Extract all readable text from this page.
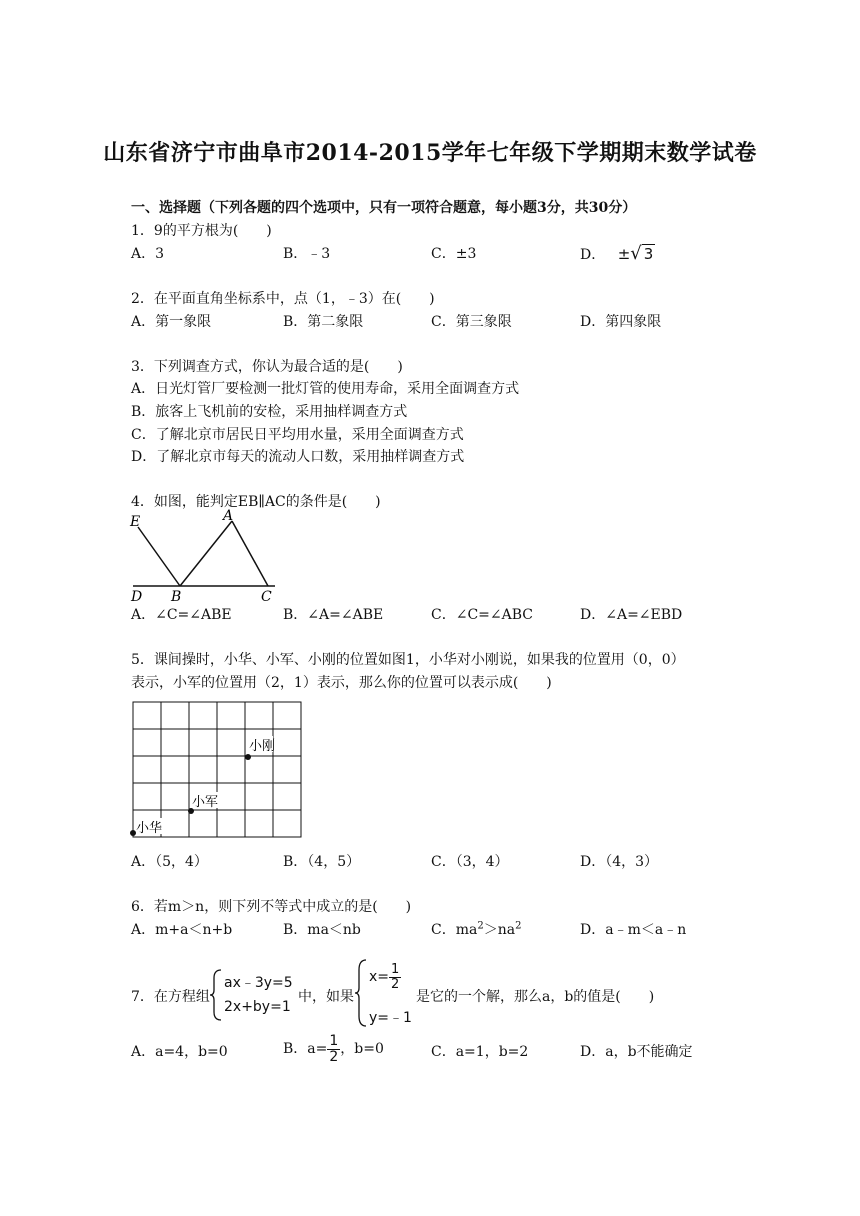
山东省济宁市曲阜市2014-2015学年七年级下学期期末数学试卷
一、选择题（下列各题的四个选项中，只有一项符合题意，每小题3分，共30分）
1．9的平方根为(　　)
A．3	B．﹣3	C．±3	D． ±√ 3
2．在平面直角坐标系中，点（1，﹣3）在(　　)
A．第一象限	B．第二象限	C．第三象限	D．第四象限
3．下列调查方式，你认为最合适的是(　　)
A．日光灯管厂要检测一批灯管的使用寿命，采用全面调查方式
B．旅客上飞机前的安检，采用抽样调查方式
C．了解北京市居民日平均用水量，采用全面调查方式
D．了解北京市每天的流动人口数，采用抽样调查方式
4．如图，能判定EB∥AC的条件是(　　)
E	A
D B	C
A．∠C=∠ABE	B．∠A=∠ABE	C．∠C=∠ABC	D．∠A=∠EBD
5．课间操时，小华、小军、小刚的位置如图1，小华对小刚说，如果我的位置用（0，0）
表示，小军的位置用（2，1）表示，那么你的位置可以表示成(　　)
小刚
小军
小华
A．（5，4）	B．（4，5）	C．（3，4）	D．（4，3）
6．若m＞n，则下列不等式中成立的是(　　)
A．m+a＜n+b	B．ma＜nb	C．$ma^2>na^2$	D．a﹣m＜a﹣n
7．在方程组
ax﹣3y=5
2x+by=1
中，如果
$x= \frac{1}{2}$
y=﹣1
是它的一个解，那么a，b的值是(　　)
A．a=4，b=0	B．$a= \frac{1}{2}$ ，b=0	C．a=1，b=2	D．a，b不能确定
